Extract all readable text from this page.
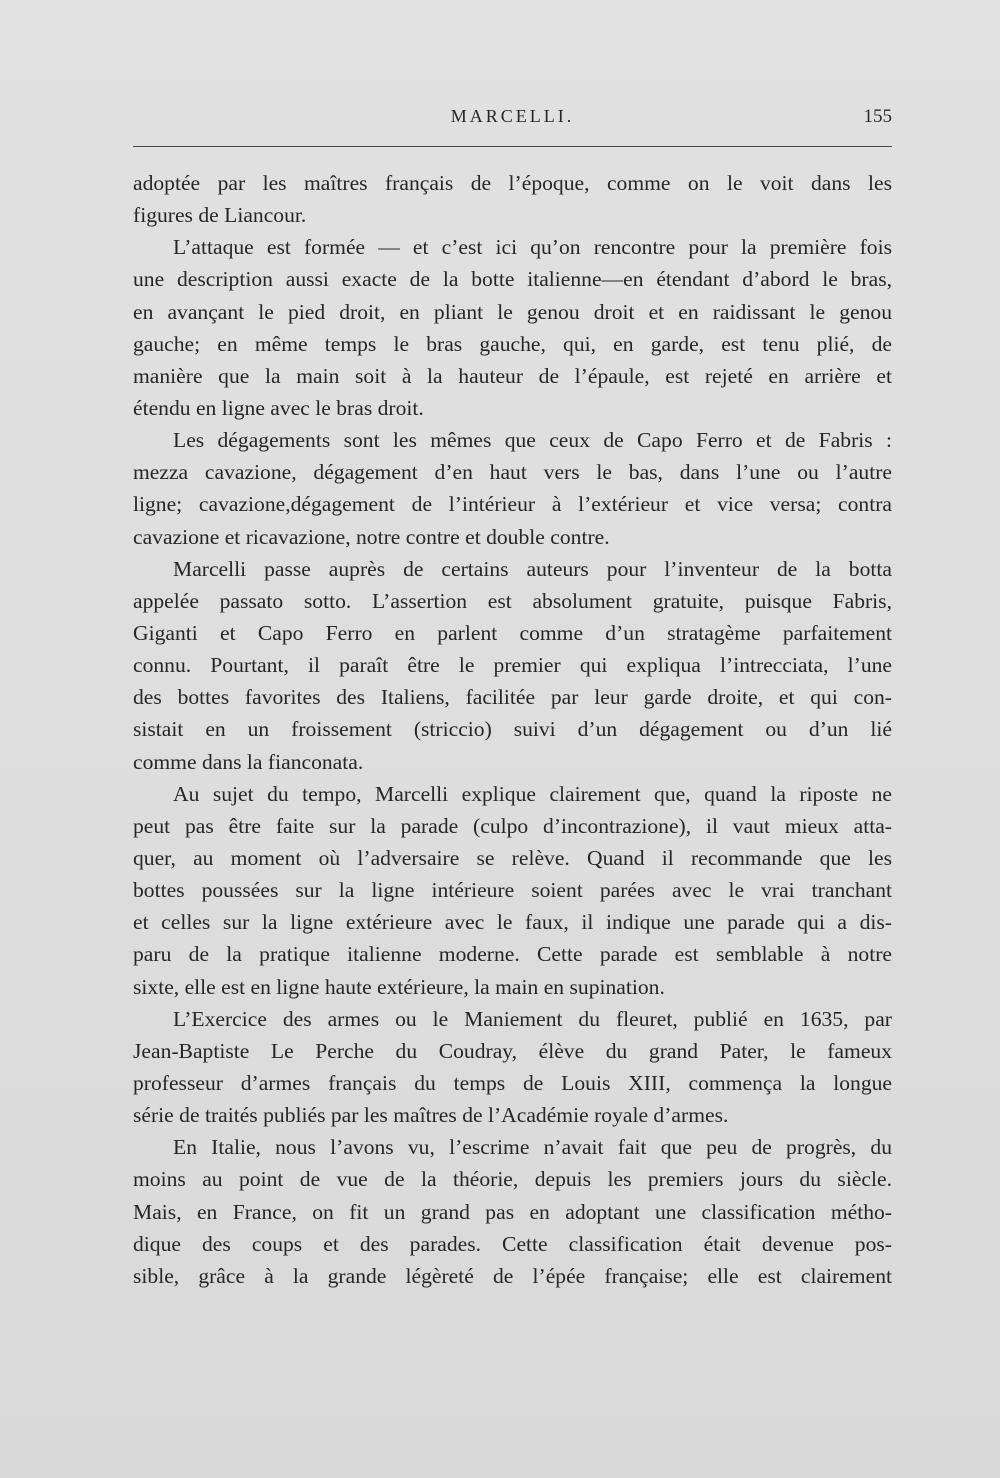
MARCELLI.	155
adoptée par les maîtres français de l’époque, comme on le voit dans les
figures de Liancour.
L’attaque est formée — et c’est ici qu’on rencontre pour la première fois
une description aussi exacte de la botte italienne—en étendant d’abord le bras,
en avançant le pied droit, en pliant le genou droit et en raidissant le genou
gauche; en même temps le bras gauche, qui, en garde, est tenu plié, de
manière que la main soit à la hauteur de l’épaule, est rejeté en arrière et
étendu en ligne avec le bras droit.
Les dégagements sont les mêmes que ceux de Capo Ferro et de Fabris :
mezza cavazione, dégagement d’en haut vers le bas, dans l’une ou l’autre
ligne; cavazione,dégagement de l’intérieur à l’extérieur et vice versa; contra
cavazione et ricavazione, notre contre et double contre.
Marcelli passe auprès de certains auteurs pour l’inventeur de la botta
appelée passato sotto. L’assertion est absolument gratuite, puisque Fabris,
Giganti et Capo Ferro en parlent comme d’un stratagème parfaitement
connu. Pourtant, il paraît être le premier qui expliqua l’intrecciata, l’une
des bottes favorites des Italiens, facilitée par leur garde droite, et qui con-
sistait en un froissement (striccio) suivi d’un dégagement ou d’un lié
comme dans la fianconata.
Au sujet du tempo, Marcelli explique clairement que, quand la riposte ne
peut pas être faite sur la parade (culpo d’incontrazione), il vaut mieux atta-
quer, au moment où l’adversaire se relève. Quand il recommande que les
bottes poussées sur la ligne intérieure soient parées avec le vrai tranchant
et celles sur la ligne extérieure avec le faux, il indique une parade qui a dis-
paru de la pratique italienne moderne. Cette parade est semblable à notre
sixte, elle est en ligne haute extérieure, la main en supination.
L’Exercice des armes ou le Maniement du fleuret, publié en 1635, par
Jean-Baptiste Le Perche du Coudray, élève du grand Pater, le fameux
professeur d’armes français du temps de Louis XIII, commença la longue
série de traités publiés par les maîtres de l’Académie royale d’armes.
En Italie, nous l’avons vu, l’escrime n’avait fait que peu de progrès, du
moins au point de vue de la théorie, depuis les premiers jours du siècle.
Mais, en France, on fit un grand pas en adoptant une classification métho-
dique des coups et des parades. Cette classification était devenue pos-
sible, grâce à la grande légèreté de l’épée française; elle est clairement
